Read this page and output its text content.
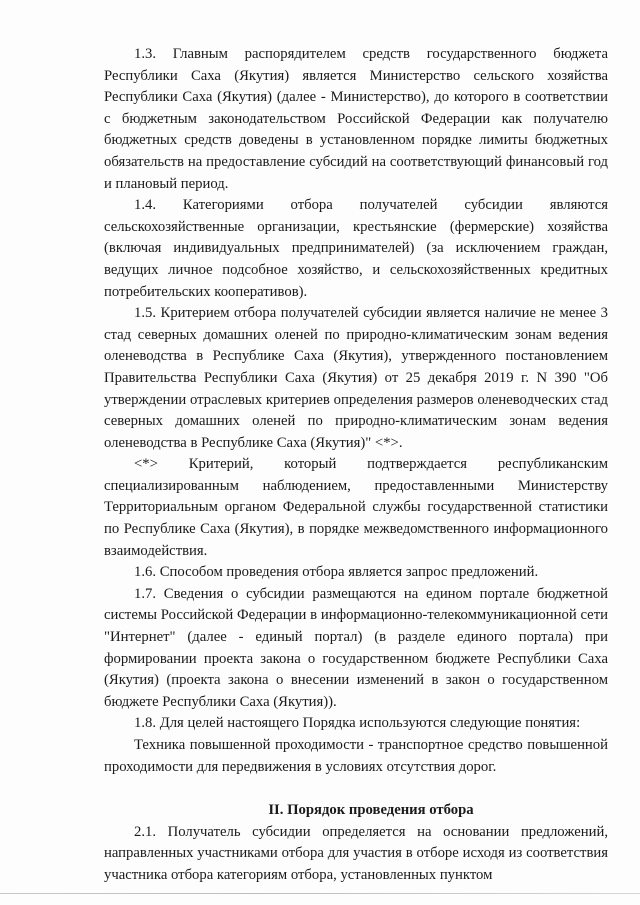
1.3. Главным распорядителем средств государственного бюджета Республики Саха (Якутия) является Министерство сельского хозяйства Республики Саха (Якутия) (далее - Министерство), до которого в соответствии с бюджетным законодательством Российской Федерации как получателю бюджетных средств доведены в установленном порядке лимиты бюджетных обязательств на предоставление субсидий на соответствующий финансовый год и плановый период.

1.4. Категориями отбора получателей субсидии являются сельскохозяйственные организации, крестьянские (фермерские) хозяйства (включая индивидуальных предпринимателей) (за исключением граждан, ведущих личное подсобное хозяйство, и сельскохозяйственных кредитных потребительских кооперативов).

1.5. Критерием отбора получателей субсидии является наличие не менее 3 стад северных домашних оленей по природно-климатическим зонам ведения оленеводства в Республике Саха (Якутия), утвержденного постановлением Правительства Республики Саха (Якутия) от 25 декабря 2019 г. N 390 "Об утверждении отраслевых критериев определения размеров оленеводческих стад северных домашних оленей по природно-климатическим зонам ведения оленеводства в Республике Саха (Якутия)" <*>.

<*> Критерий, который подтверждается республиканским специализированным наблюдением, предоставленными Министерству Территориальным органом Федеральной службы государственной статистики по Республике Саха (Якутия), в порядке межведомственного информационного взаимодействия.

1.6. Способом проведения отбора является запрос предложений.

1.7. Сведения о субсидии размещаются на едином портале бюджетной системы Российской Федерации в информационно-телекоммуникационной сети "Интернет" (далее - единый портал) (в разделе единого портала) при формировании проекта закона о государственном бюджете Республики Саха (Якутия) (проекта закона о внесении изменений в закон о государственном бюджете Республики Саха (Якутия)).

1.8. Для целей настоящего Порядка используются следующие понятия:

Техника повышенной проходимости - транспортное средство повышенной проходимости для передвижения в условиях отсутствия дорог.

II. Порядок проведения отбора

2.1. Получатель субсидии определяется на основании предложений, направленных участниками отбора для участия в отборе исходя из соответствия участника отбора категориям отбора, установленных пунктом
